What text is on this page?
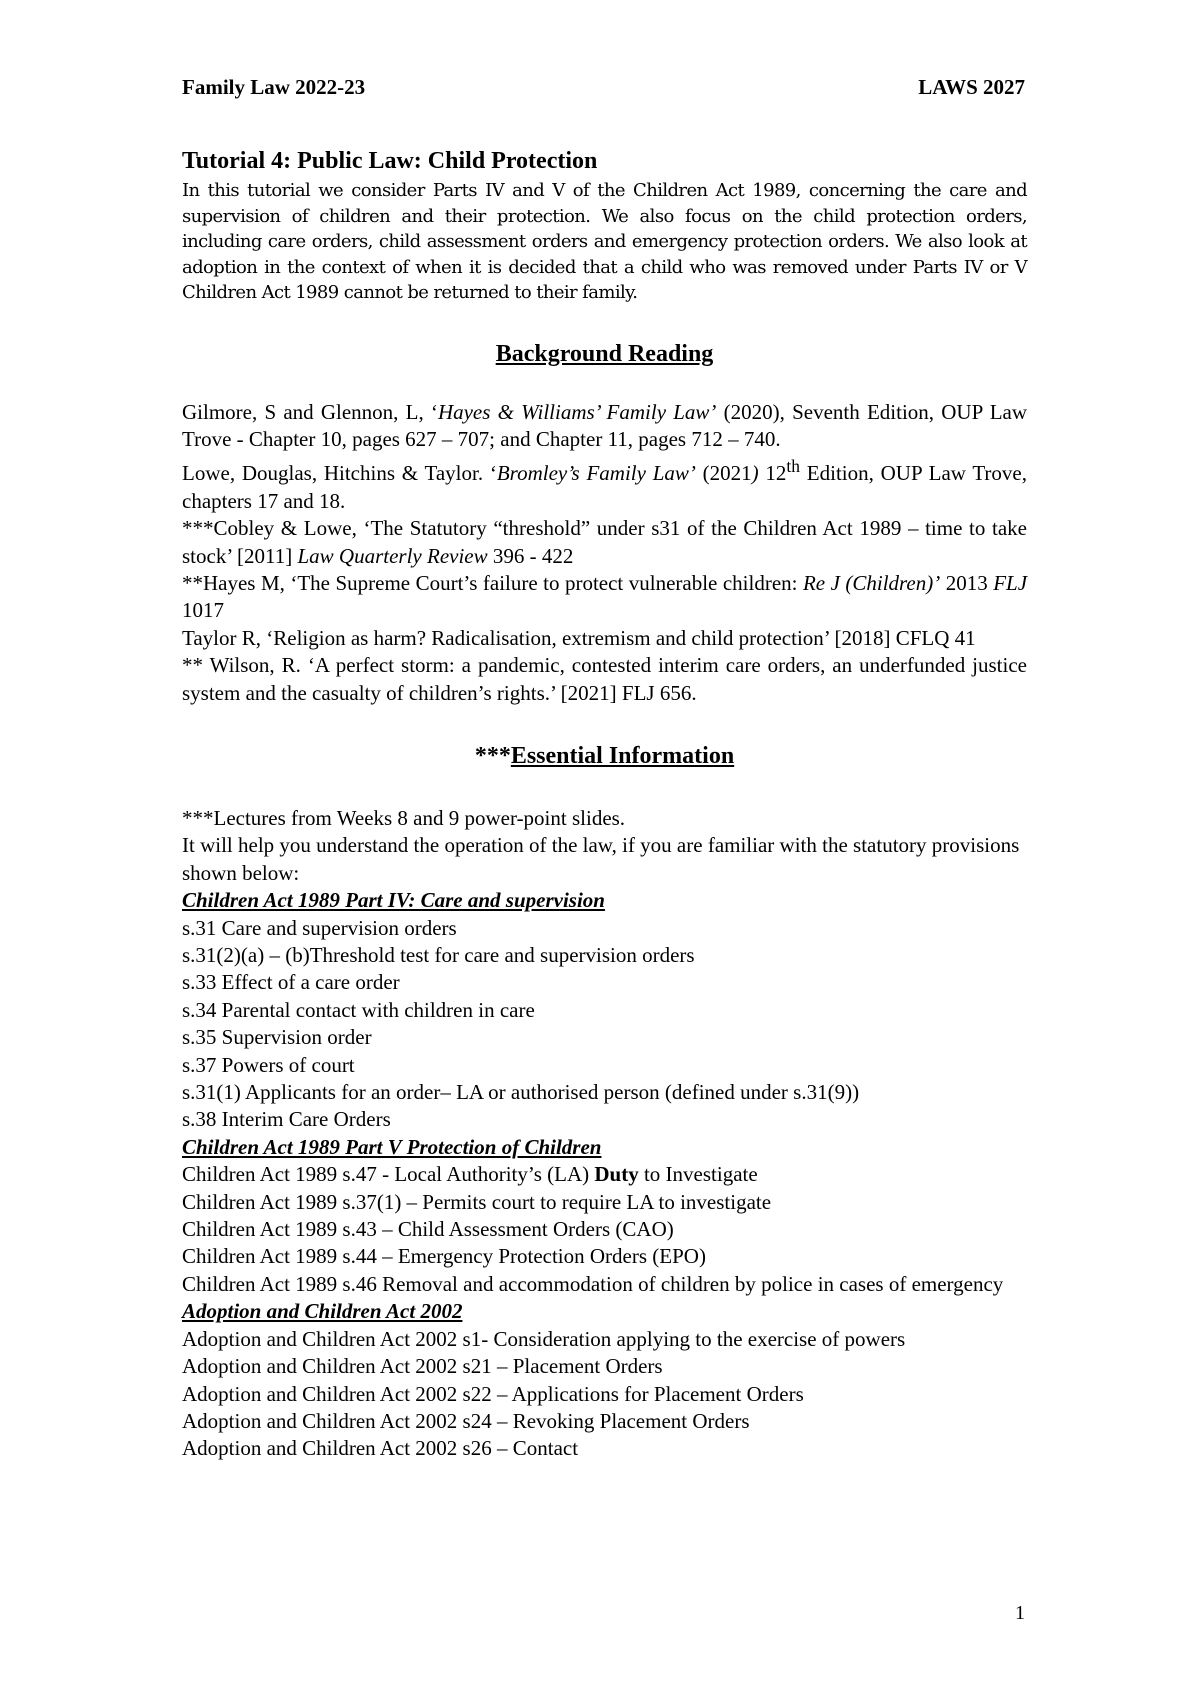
Family Law 2022-23	LAWS 2027
Tutorial 4: Public Law: Child Protection

In this tutorial we consider Parts IV and V of the Children Act 1989, concerning the care and supervision of children and their protection. We also focus on the child protection orders, including care orders, child assessment orders and emergency protection orders. We also look at adoption in the context of when it is decided that a child who was removed under Parts IV or V Children Act 1989 cannot be returned to their family.

Background Reading

Gilmore, S and Glennon, L, ‘Hayes & Williams’ Family Law’ (2020), Seventh Edition, OUP Law Trove - Chapter 10, pages 627 – 707; and Chapter 11, pages 712 – 740.

Lowe, Douglas, Hitchins & Taylor. ‘Bromley’s Family Law’ (2021) 12th Edition, OUP Law Trove, chapters 17 and 18.

***Cobley & Lowe, ‘The Statutory “threshold” under s31 of the Children Act 1989 – time to take stock’ [2011] Law Quarterly Review 396 - 422

**Hayes M, ‘The Supreme Court’s failure to protect vulnerable children: Re J (Children)’ 2013 FLJ 1017

Taylor R, ‘Religion as harm? Radicalisation, extremism and child protection’ [2018] CFLQ 41

** Wilson, R. ‘A perfect storm: a pandemic, contested interim care orders, an underfunded justice system and the casualty of children’s rights.’ [2021] FLJ 656.

***Essential Information

***Lectures from Weeks 8 and 9 power-point slides.

It will help you understand the operation of the law, if you are familiar with the statutory provisions shown below:

Children Act 1989 Part IV: Care and supervision

s.31 Care and supervision orders

s.31(2)(a) – (b)Threshold test for care and supervision orders

s.33 Effect of a care order

s.34 Parental contact with children in care

s.35 Supervision order

s.37 Powers of court

s.31(1) Applicants for an order– LA or authorised person (defined under s.31(9))

s.38 Interim Care Orders

Children Act 1989 Part V Protection of Children

Children Act 1989 s.47 - Local Authority’s (LA) Duty to Investigate

Children Act 1989 s.37(1) – Permits court to require LA to investigate

Children Act 1989 s.43 – Child Assessment Orders (CAO)

Children Act 1989 s.44 – Emergency Protection Orders (EPO)

Children Act 1989 s.46 Removal and accommodation of children by police in cases of emergency

Adoption and Children Act 2002

Adoption and Children Act 2002 s1- Consideration applying to the exercise of powers

Adoption and Children Act 2002 s21 – Placement Orders

Adoption and Children Act 2002 s22 – Applications for Placement Orders

Adoption and Children Act 2002 s24 – Revoking Placement Orders

Adoption and Children Act 2002 s26 – Contact

1
